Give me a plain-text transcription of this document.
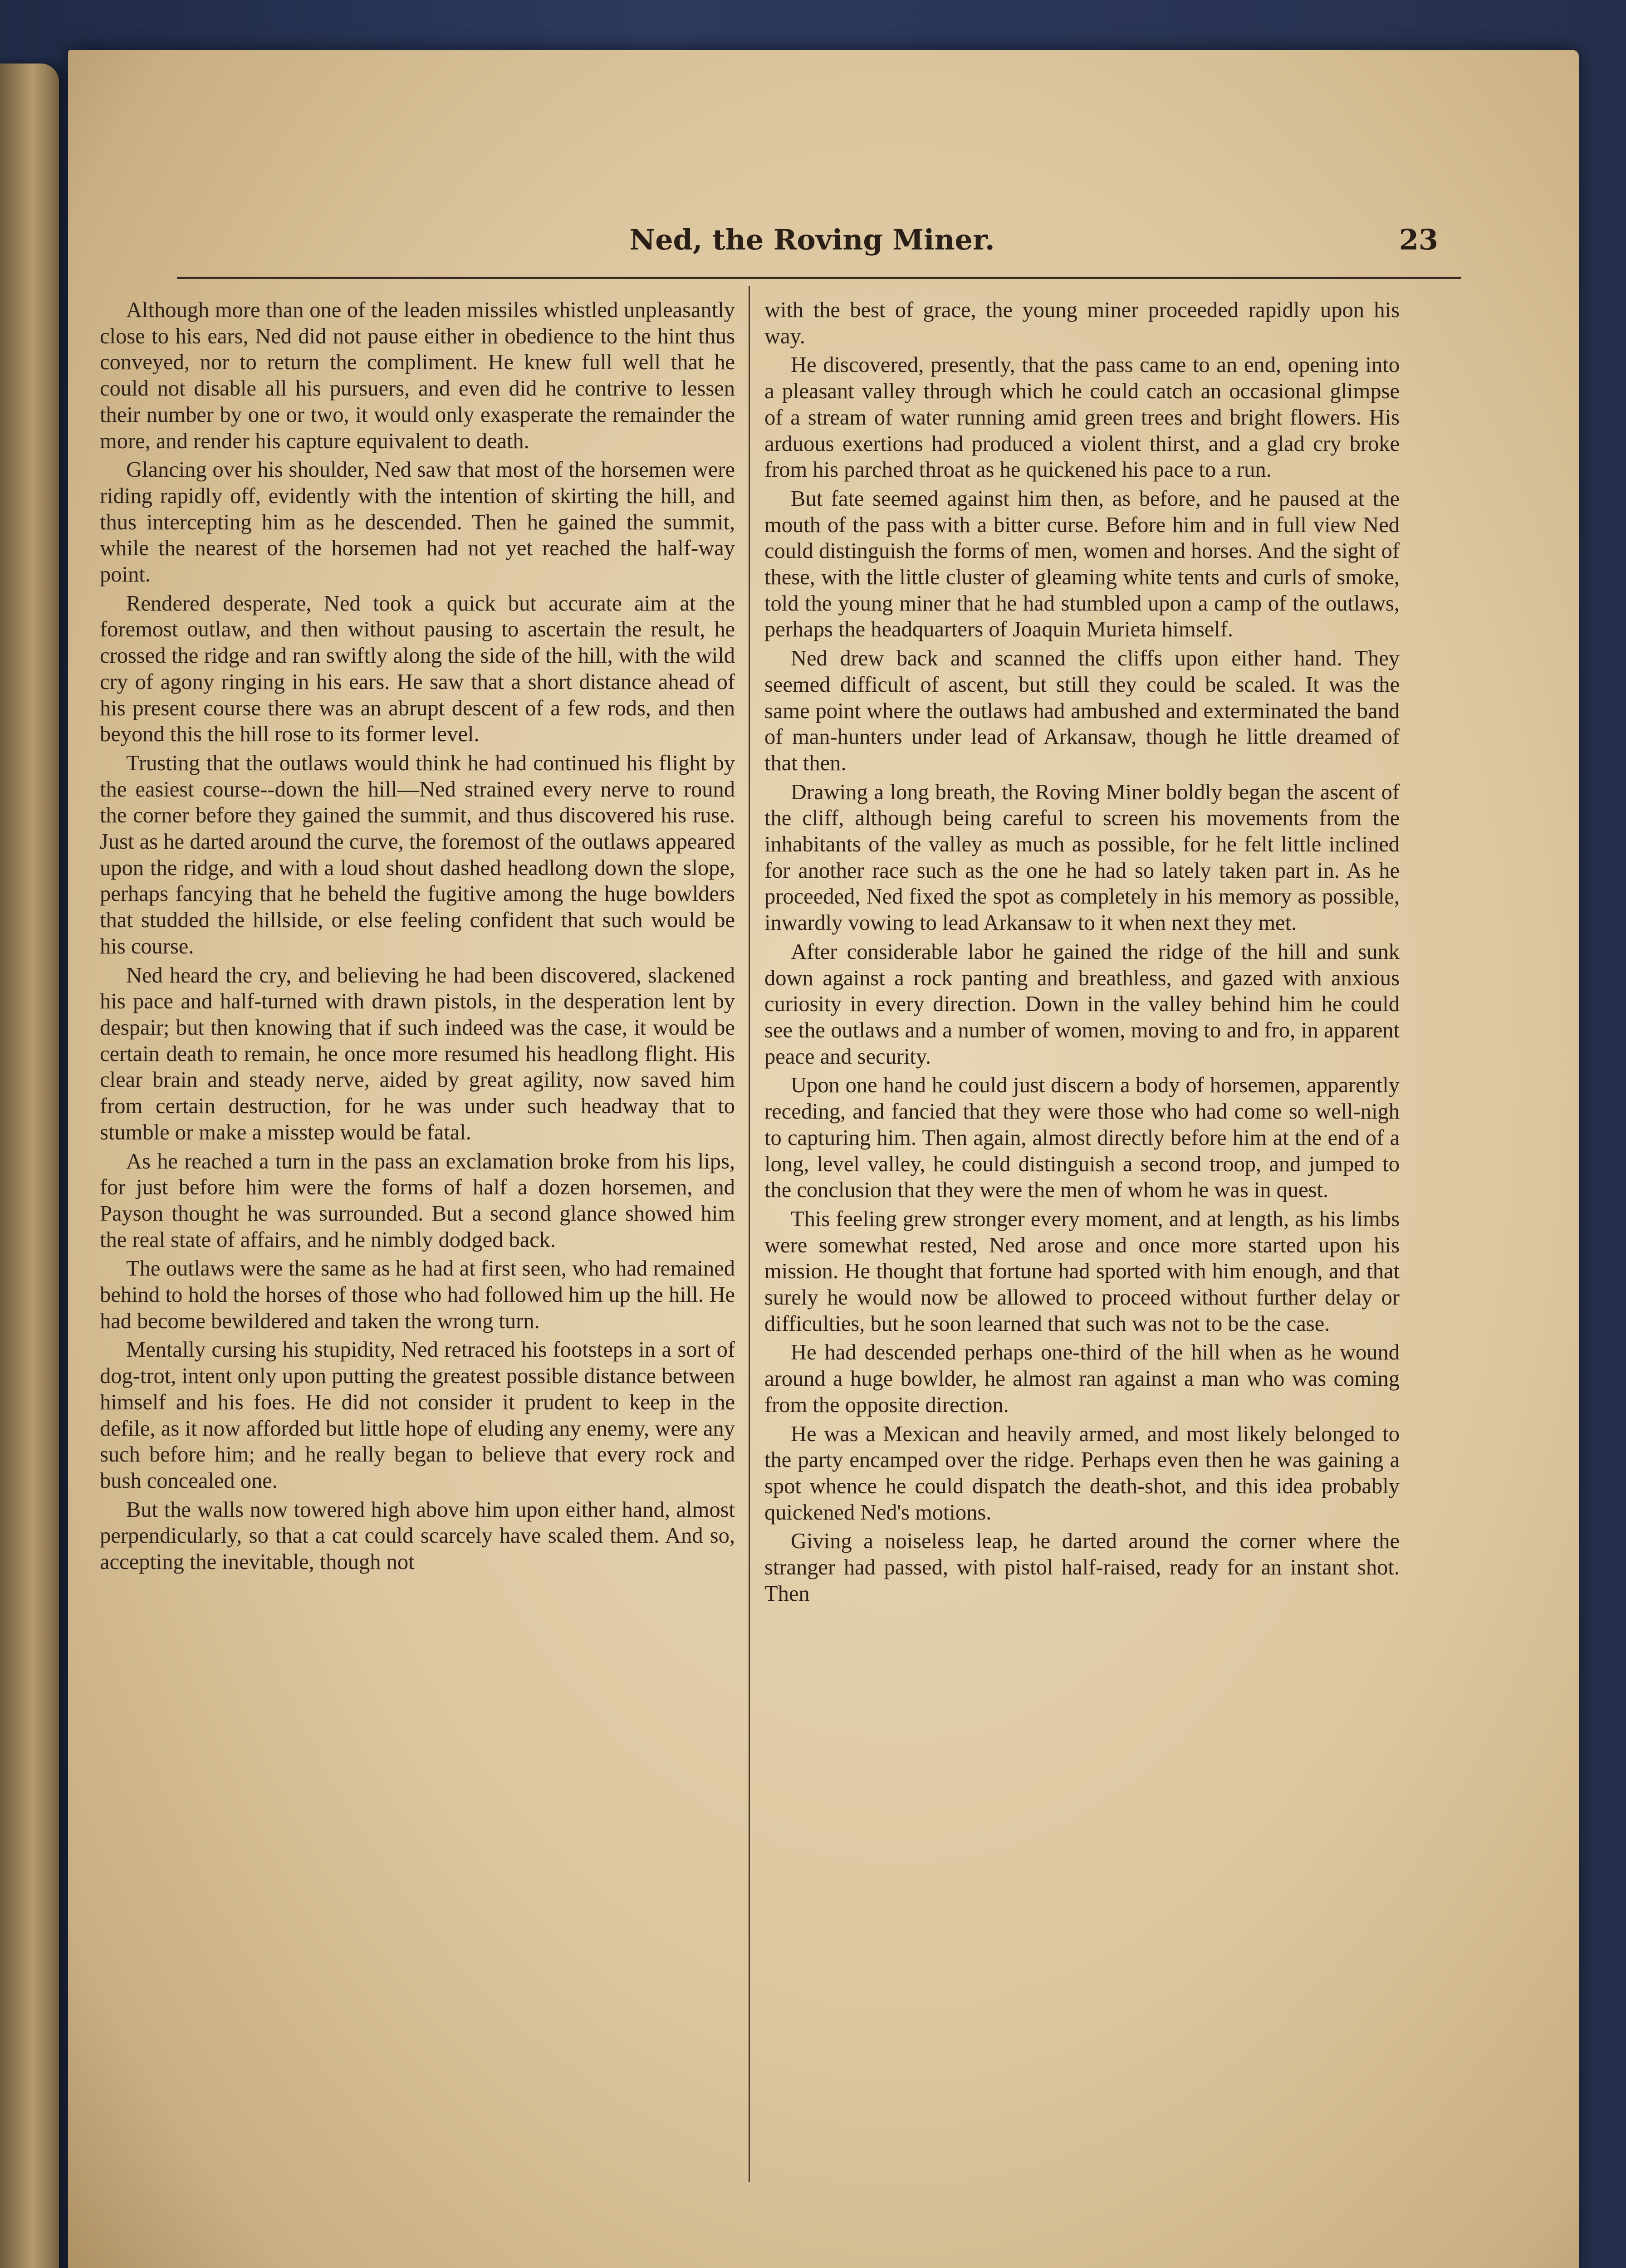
Ned, the Roving Miner.	23

Although more than one of the leaden missiles whistled unpleasantly close to his ears, Ned did not pause either in obedience to the hint thus conveyed, nor to return the compliment. He knew full well that he could not disable all his pursuers, and even did he contrive to lessen their number by one or two, it would only exasperate the remainder the more, and render his capture equivalent to death.

Glancing over his shoulder, Ned saw that most of the horsemen were riding rapidly off, evidently with the intention of skirting the hill, and thus intercepting him as he descended. Then he gained the summit, while the nearest of the horsemen had not yet reached the half-way point.

Rendered desperate, Ned took a quick but accurate aim at the foremost outlaw, and then without pausing to ascertain the result, he crossed the ridge and ran swiftly along the side of the hill, with the wild cry of agony ringing in his ears. He saw that a short distance ahead of his present course there was an abrupt descent of a few rods, and then beyond this the hill rose to its former level.

Trusting that the outlaws would think he had continued his flight by the easiest course--down the hill—Ned strained every nerve to round the corner before they gained the summit, and thus discovered his ruse. Just as he darted around the curve, the foremost of the outlaws appeared upon the ridge, and with a loud shout dashed headlong down the slope, perhaps fancying that he beheld the fugitive among the huge bowlders that studded the hillside, or else feeling confident that such would be his course.

Ned heard the cry, and believing he had been discovered, slackened his pace and half-turned with drawn pistols, in the desperation lent by despair; but then knowing that if such indeed was the case, it would be certain death to remain, he once more resumed his headlong flight. His clear brain and steady nerve, aided by great agility, now saved him from certain destruction, for he was under such headway that to stumble or make a misstep would be fatal.

As he reached a turn in the pass an exclamation broke from his lips, for just before him were the forms of half a dozen horsemen, and Payson thought he was surrounded. But a second glance showed him the real state of affairs, and he nimbly dodged back.

The outlaws were the same as he had at first seen, who had remained behind to hold the horses of those who had followed him up the hill. He had become bewildered and taken the wrong turn.

Mentally cursing his stupidity, Ned retraced his footsteps in a sort of dog-trot, intent only upon putting the greatest possible distance between himself and his foes. He did not consider it prudent to keep in the defile, as it now afforded but little hope of eluding any enemy, were any such before him; and he really began to believe that every rock and bush concealed one.

But the walls now towered high above him upon either hand, almost perpendicularly, so that a cat could scarcely have scaled them. And so, accepting the inevitable, though not

with the best of grace, the young miner proceeded rapidly upon his way.

He discovered, presently, that the pass came to an end, opening into a pleasant valley through which he could catch an occasional glimpse of a stream of water running amid green trees and bright flowers. His arduous exertions had produced a violent thirst, and a glad cry broke from his parched throat as he quickened his pace to a run.

But fate seemed against him then, as before, and he paused at the mouth of the pass with a bitter curse. Before him and in full view Ned could distinguish the forms of men, women and horses. And the sight of these, with the little cluster of gleaming white tents and curls of smoke, told the young miner that he had stumbled upon a camp of the outlaws, perhaps the headquarters of Joaquin Murieta himself.

Ned drew back and scanned the cliffs upon either hand. They seemed difficult of ascent, but still they could be scaled. It was the same point where the outlaws had ambushed and exterminated the band of man-hunters under lead of Arkansaw, though he little dreamed of that then.

Drawing a long breath, the Roving Miner boldly began the ascent of the cliff, although being careful to screen his movements from the inhabitants of the valley as much as possible, for he felt little inclined for another race such as the one he had so lately taken part in. As he proceeded, Ned fixed the spot as completely in his memory as possible, inwardly vowing to lead Arkansaw to it when next they met.

After considerable labor he gained the ridge of the hill and sunk down against a rock panting and breathless, and gazed with anxious curiosity in every direction. Down in the valley behind him he could see the outlaws and a number of women, moving to and fro, in apparent peace and security.

Upon one hand he could just discern a body of horsemen, apparently receding, and fancied that they were those who had come so well-nigh to capturing him. Then again, almost directly before him at the end of a long, level valley, he could distinguish a second troop, and jumped to the conclusion that they were the men of whom he was in quest.

This feeling grew stronger every moment, and at length, as his limbs were somewhat rested, Ned arose and once more started upon his mission. He thought that fortune had sported with him enough, and that surely he would now be allowed to proceed without further delay or difficulties, but he soon learned that such was not to be the case.

He had descended perhaps one-third of the hill when as he wound around a huge bowlder, he almost ran against a man who was coming from the opposite direction.

He was a Mexican and heavily armed, and most likely belonged to the party encamped over the ridge. Perhaps even then he was gaining a spot whence he could dispatch the death-shot, and this idea probably quickened Ned's motions.

Giving a noiseless leap, he darted around the corner where the stranger had passed, with pistol half-raised, ready for an instant shot. Then
